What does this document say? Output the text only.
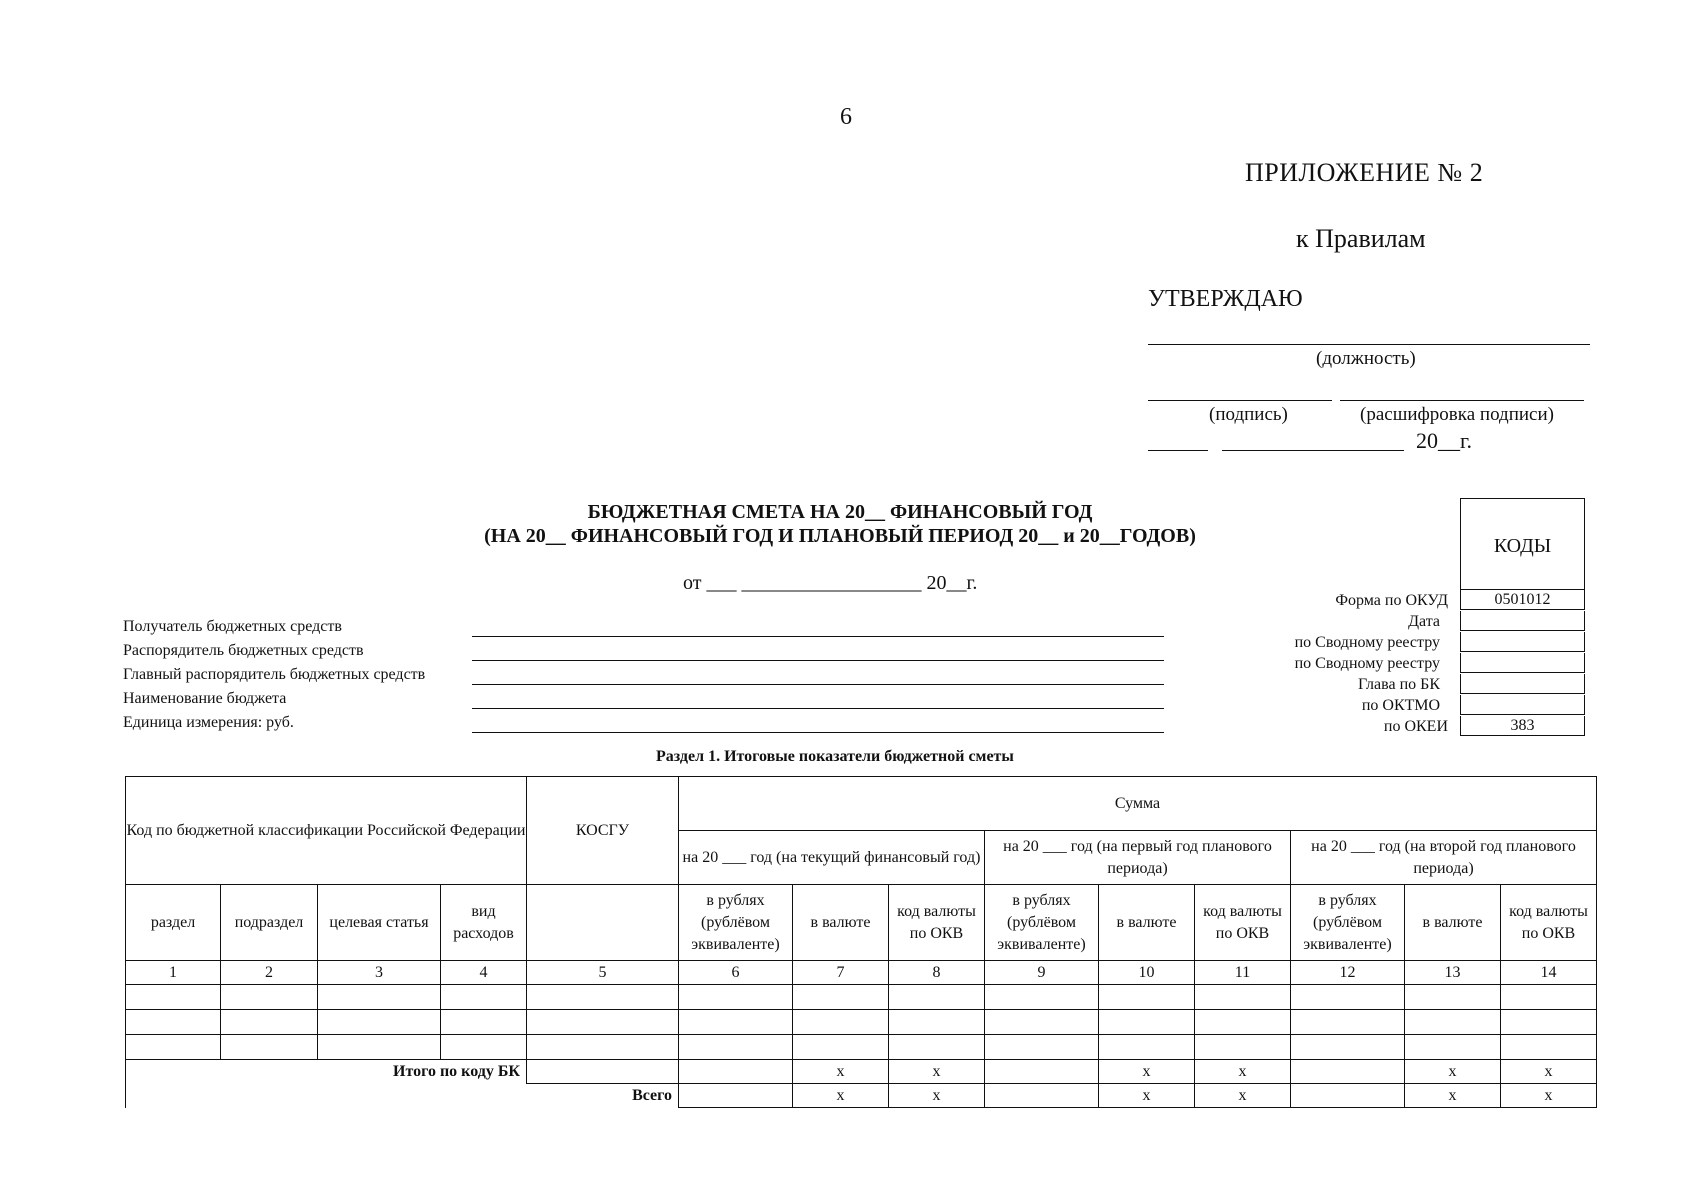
6
ПРИЛОЖЕНИЕ № 2
к Правилам
УТВЕРЖДАЮ
(должность)
(подпись)	(расшифровка подписи)
20__г.
БЮДЖЕТНАЯ СМЕТА НА 20__ ФИНАНСОВЫЙ ГОД
(НА 20__ ФИНАНСОВЫЙ ГОД И ПЛАНОВЫЙ ПЕРИОД 20__ и 20__ГОДОВ)
от ___ __________________ 20__г.
Получатель бюджетных средств
Распорядитель бюджетных средств
Главный распорядитель бюджетных средств
Наименование бюджета
Единица измерения: руб.
КОДЫ
Форма по ОКУД	0501012
Дата
по Сводному реестру
по Сводному реестру
Глава по БК
по ОКТМО
по ОКЕИ	383
Раздел 1. Итоговые показатели бюджетной сметы
Код по бюджетной классификации Российской Федерации				КОСГУ	Сумма								
					на 20 ___ год (на текущий финансовый год)			на 20 ___ год (на первый год планового периода)			на 20 ___ год (на второй год планового периода)		
раздел	подраздел	целевая статья	вид расходов		в рублях (рублёвом эквиваленте)	в валюте	код валюты по ОКВ	в рублях (рублёвом эквиваленте)	в валюте	код валюты по ОКВ	в рублях (рублёвом эквиваленте)	в валюте	код валюты по ОКВ
1	2	3	4	5	6	7	8	9	10	11	12	13	14

Итого по коду БК						х	х		х	х		х	х
				Всего		х	х		х	х		х	х
